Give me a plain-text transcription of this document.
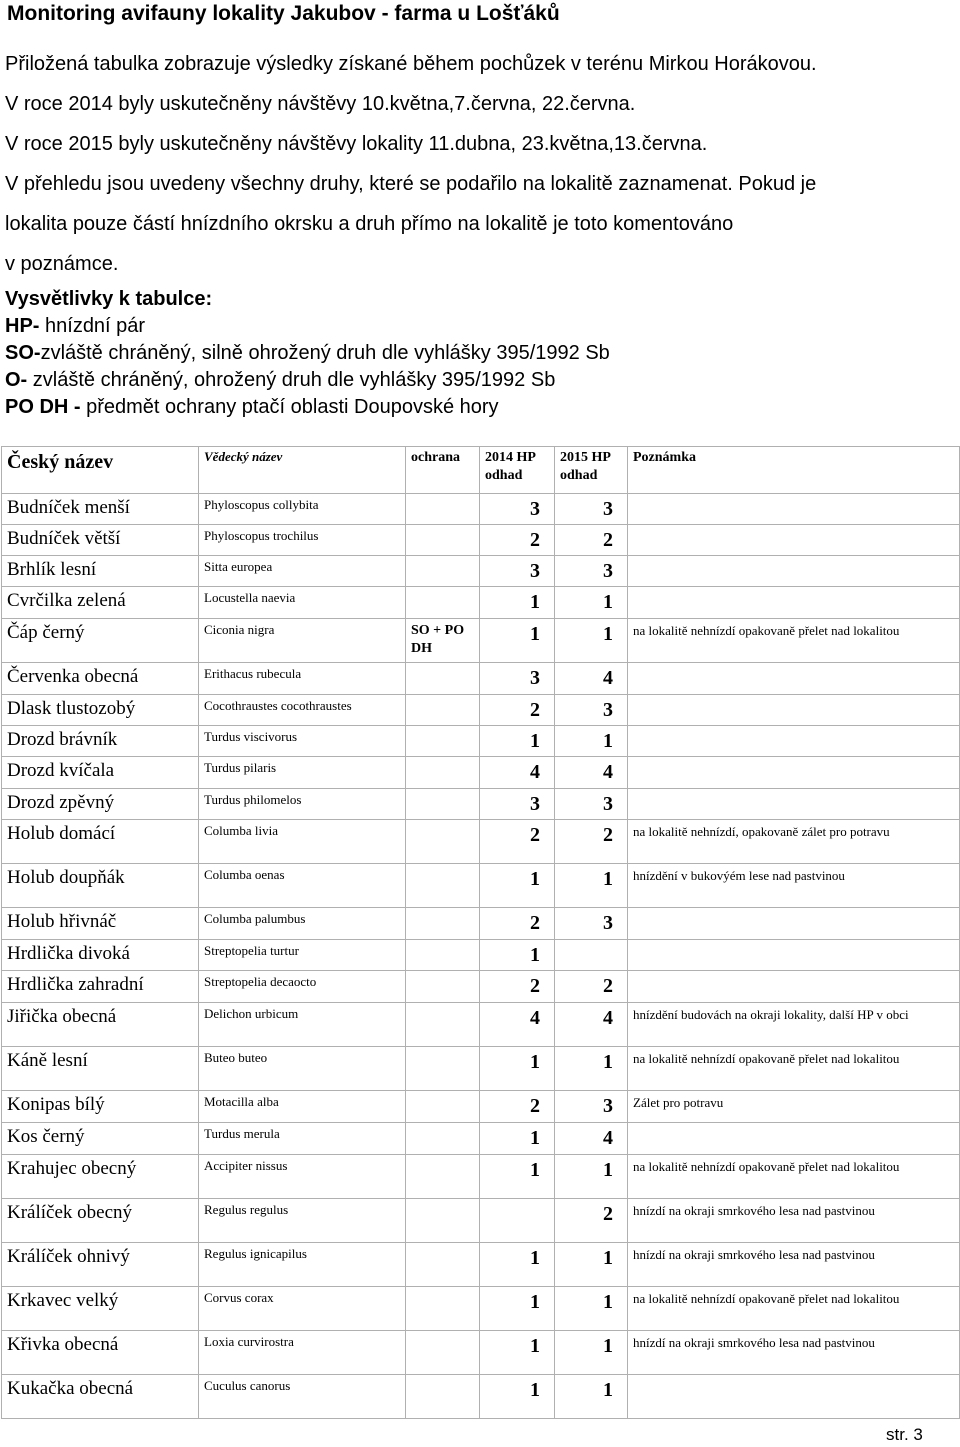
Monitoring avifauny lokality Jakubov - farma u Lošťáků
Přiložená tabulka zobrazuje výsledky získané během pochůzek v terénu Mirkou Horákovou.
V roce 2014 byly uskutečněny návštěvy 10.května,7.června, 22.června.
V roce 2015 byly uskutečněny návštěvy lokality 11.dubna, 23.května,13.června.
V přehledu jsou uvedeny všechny druhy, které se podařilo na lokalitě zaznamenat. Pokud je
lokalita pouze částí hnízdního okrsku a druh přímo na lokalitě je toto komentováno
v poznámce.
Vysvětlivky k tabulce:
HP- hnízdní pár
SO-zvláště chráněný, silně ohrožený druh dle vyhlášky 395/1992 Sb
O- zvláště chráněný, ohrožený druh dle vyhlášky 395/1992 Sb
PO DH - předmět ochrany ptačí oblasti Doupovské hory
Český název	Vědecký název	ochrana	2014 HP odhad	2015 HP odhad	Poznámka
Budníček menší	Phyloscopus collybita		3	3	
Budníček větší	Phyloscopus trochilus		2	2	
Brhlík lesní	Sitta europea		3	3	
Cvrčilka zelená	Locustella naevia		1	1	
Čáp černý	Ciconia nigra	SO + PO DH	1	1	na lokalitě nehnízdí opakovaně přelet nad lokalitou
Červenka obecná	Erithacus rubecula		3	4	
Dlask tlustozobý	Cocothraustes cocothraustes		2	3	
Drozd brávník	Turdus viscivorus		1	1	
Drozd kvíčala	Turdus pilaris		4	4	
Drozd zpěvný	Turdus philomelos		3	3	
Holub domácí	Columba livia		2	2	na lokalitě nehnízdí, opakovaně zálet pro potravu
Holub doupňák	Columba oenas		1	1	hnízdění v bukovýém lese nad pastvinou
Holub hřivnáč	Columba palumbus		2	3	
Hrdlička divoká	Streptopelia turtur		1		
Hrdlička zahradní	Streptopelia decaocto		2	2	
Jiřička obecná	Delichon urbicum		4	4	hnízdění budovách na okraji lokality, další HP v obci
Káně lesní	Buteo buteo		1	1	na lokalitě nehnízdí opakovaně přelet nad lokalitou
Konipas bílý	Motacilla alba		2	3	Zálet pro potravu
Kos černý	Turdus merula		1	4	
Krahujec obecný	Accipiter nissus		1	1	na lokalitě nehnízdí opakovaně přelet nad lokalitou
Králíček obecný	Regulus regulus			2	hnízdí na okraji smrkového lesa nad pastvinou
Králíček ohnivý	Regulus ignicapilus		1	1	hnízdí na okraji smrkového lesa nad pastvinou
Krkavec velký	Corvus corax		1	1	na lokalitě nehnízdí opakovaně přelet nad lokalitou
Křivka obecná	Loxia curvirostra		1	1	hnízdí na okraji smrkového lesa nad pastvinou
Kukačka obecná	Cuculus canorus		1	1	
str. 3
